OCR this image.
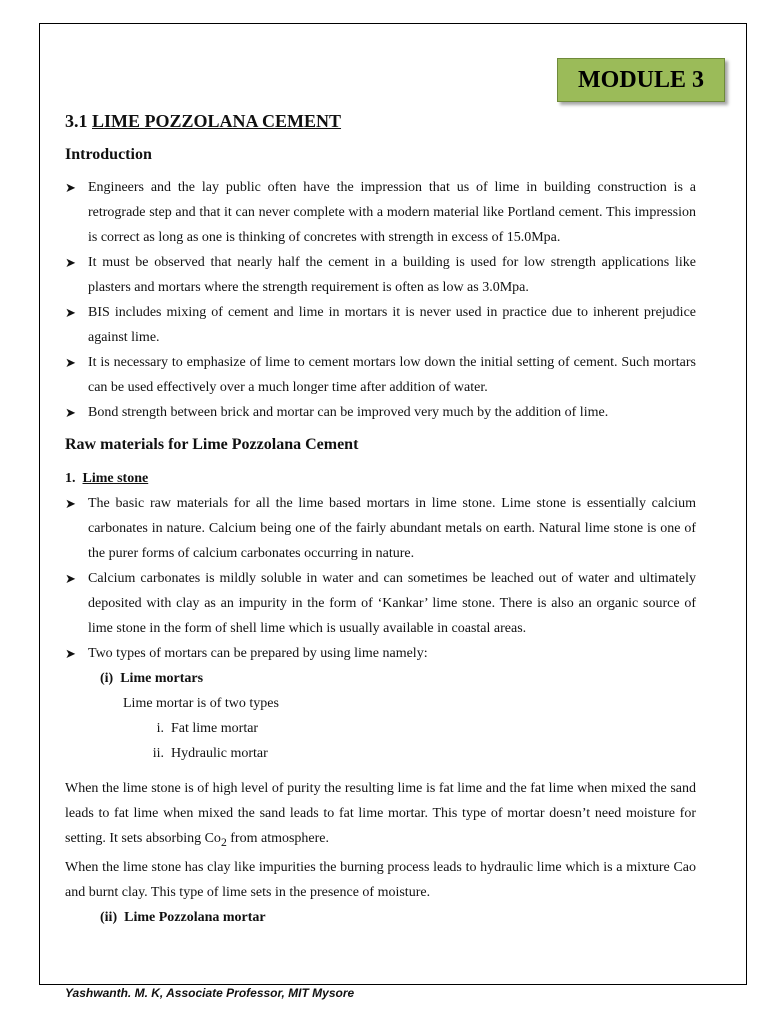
MODULE 3
3.1 LIME POZZOLANA CEMENT
Introduction
➤ Engineers and the lay public often have the impression that us of lime in building construction is a retrograde step and that it can never complete with a modern material like Portland cement. This impression is correct as long as one is thinking of concretes with strength in excess of 15.0Mpa.
➤ It must be observed that nearly half the cement in a building is used for low strength applications like plasters and mortars where the strength requirement is often as low as 3.0Mpa.
➤ BIS includes mixing of cement and lime in mortars it is never used in practice due to inherent prejudice against lime.
➤ It is necessary to emphasize of lime to cement mortars low down the initial setting of cement. Such mortars can be used effectively over a much longer time after addition of water.
➤ Bond strength between brick and mortar can be improved very much by the addition of lime.
Raw materials for Lime Pozzolana Cement
1. Lime stone
➤ The basic raw materials for all the lime based mortars in lime stone. Lime stone is essentially calcium carbonates in nature. Calcium being one of the fairly abundant metals on earth. Natural lime stone is one of the purer forms of calcium carbonates occurring in nature.
➤ Calcium carbonates is mildly soluble in water and can sometimes be leached out of water and ultimately deposited with clay as an impurity in the form of ‘Kankar’ lime stone. There is also an organic source of lime stone in the form of shell lime which is usually available in coastal areas.
➤ Two types of mortars can be prepared by using lime namely:
(i) Lime mortars
Lime mortar is of two types
i. Fat lime mortar
ii. Hydraulic mortar
When the lime stone is of high level of purity the resulting lime is fat lime and the fat lime when mixed the sand leads to fat lime when mixed the sand leads to fat lime mortar. This type of mortar doesn’t need moisture for setting. It sets absorbing $Co_2$ from atmosphere.
When the lime stone has clay like impurities the burning process leads to hydraulic lime which is a mixture Cao and burnt clay. This type of lime sets in the presence of moisture.
(ii) Lime Pozzolana mortar
Yashwanth. M. K, Associate Professor, MIT Mysore
